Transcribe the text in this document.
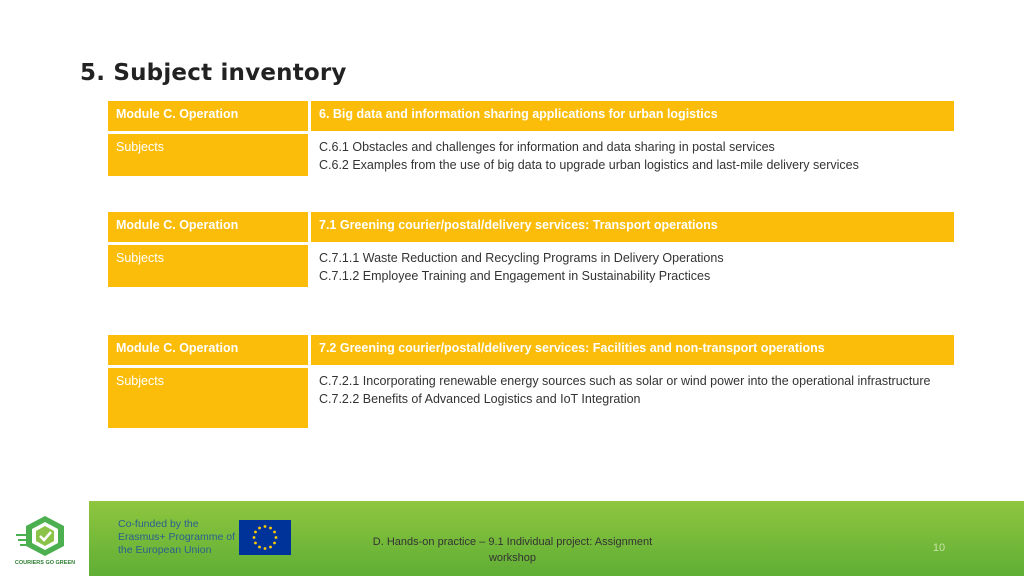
5. Subject inventory
Module C. Operation	6. Big data and information sharing applications for urban logistics
Subjects	C.6.1 Obstacles and challenges for information and data sharing in postal services
C.6.2 Examples from the use of big data to upgrade urban logistics and last-mile delivery services
Module C. Operation	7.1 Greening courier/postal/delivery services: Transport operations
Subjects	C.7.1.1 Waste Reduction and Recycling Programs in Delivery Operations
C.7.1.2 Employee Training and Engagement in Sustainability Practices
Module C. Operation	7.2 Greening courier/postal/delivery services: Facilities and non-transport operations
Subjects	C.7.2.1 Incorporating renewable energy sources such as solar or wind power into the operational infrastructure
C.7.2.2 Benefits of Advanced Logistics and IoT Integration
COURIERS GO GREEN
Co-funded by the Erasmus+ Programme of the European Union
D. Hands-on practice – 9.1 Individual project: Assignment workshop
10
